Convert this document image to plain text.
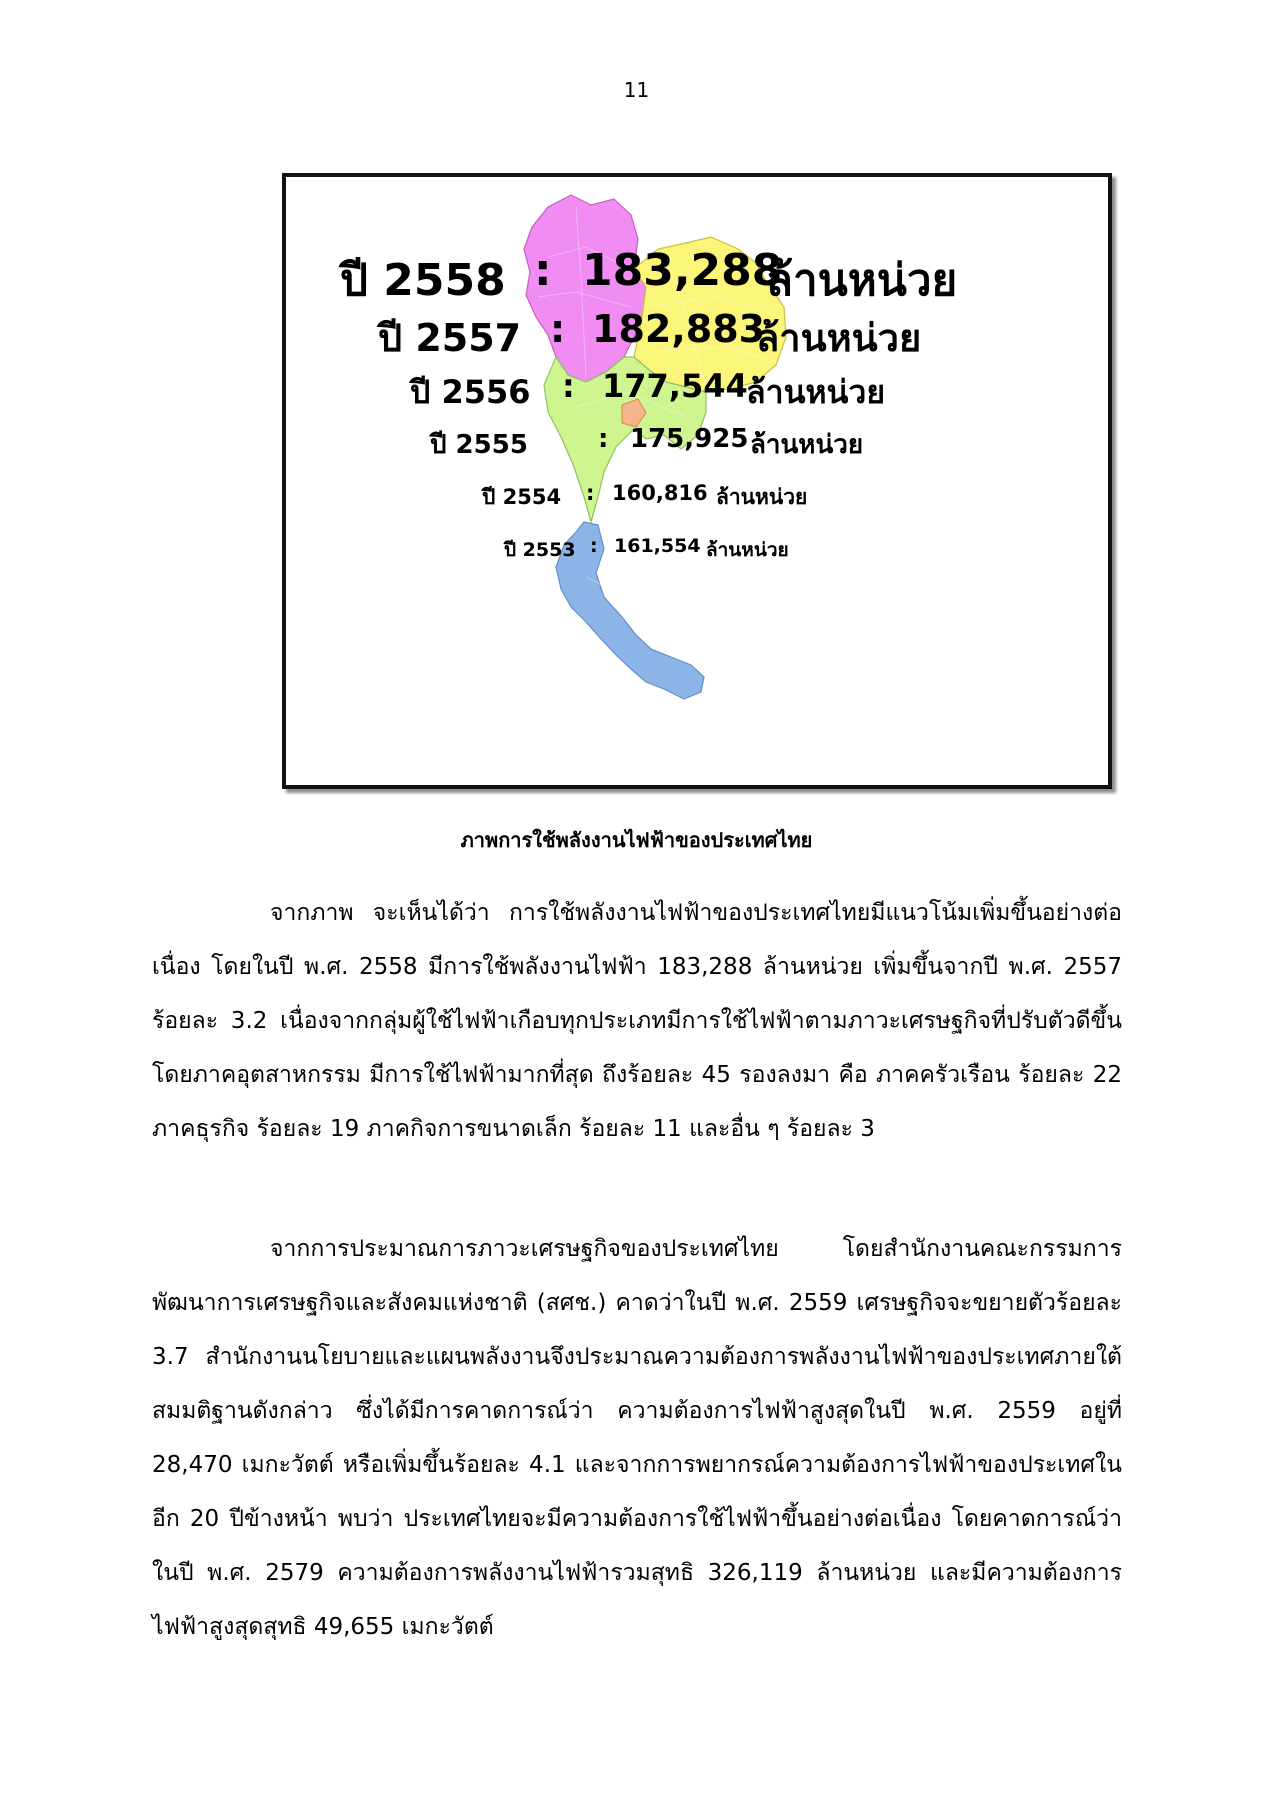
11
ปี 2558 : 183,288
ล้านหน่วย
ปี 2557 : 182,883
ล้านหน่วย
ปี 2556 : 177,544
ล้านหน่วย
ปี 2555	: 175,925 ล้านหน่วย
ปี 2554 : 160,816 ล้านหน่วย
ปี 2553 : 161,554 ล้านหน่วย
ภาพการใช้พลังงานไฟฟ้าของประเทศไทย

จากภาพ จะเห็นได้ว่า การใช้พลังงานไฟฟ้าของประเทศไทยมีแนวโน้มเพิ่มขึ้นอย่างต่อเนื่อง โดยในปี พ.ศ. 2558 มีการใช้พลังงานไฟฟ้า 183,288 ล้านหน่วย เพิ่มขึ้นจากปี พ.ศ. 2557 ร้อยละ 3.2 เนื่องจากกลุ่มผู้ใช้ไฟฟ้าเกือบทุกประเภทมีการใช้ไฟฟ้าตามภาวะเศรษฐกิจที่ปรับตัวดีขึ้น โดยภาคอุตสาหกรรม มีการใช้ไฟฟ้ามากที่สุด ถึงร้อยละ 45 รองลงมา คือ ภาคครัวเรือน ร้อยละ 22 ภาคธุรกิจ ร้อยละ 19 ภาคกิจการขนาดเล็ก ร้อยละ 11 และอื่น ๆ ร้อยละ 3

จากการประมาณการภาวะเศรษฐกิจของประเทศไทย โดยสำนักงานคณะกรรมการพัฒนาการเศรษฐกิจและสังคมแห่งชาติ (สศช.) คาดว่าในปี พ.ศ. 2559 เศรษฐกิจจะขยายตัวร้อยละ 3.7 สำนักงานนโยบายและแผนพลังงานจึงประมาณความต้องการพลังงานไฟฟ้าของประเทศภายใต้สมมติฐานดังกล่าว ซึ่งได้มีการคาดการณ์ว่า ความต้องการไฟฟ้าสูงสุดในปี พ.ศ. 2559 อยู่ที่ 28,470 เมกะวัตต์ หรือเพิ่มขึ้นร้อยละ 4.1 และจากการพยากรณ์ความต้องการไฟฟ้าของประเทศในอีก 20 ปีข้างหน้า พบว่า ประเทศไทยจะมีความต้องการใช้ไฟฟ้าขึ้นอย่างต่อเนื่อง โดยคาดการณ์ว่าในปี พ.ศ. 2579 ความต้องการพลังงานไฟฟ้ารวมสุทธิ 326,119 ล้านหน่วย และมีความต้องการไฟฟ้าสูงสุดสุทธิ 49,655 เมกะวัตต์
